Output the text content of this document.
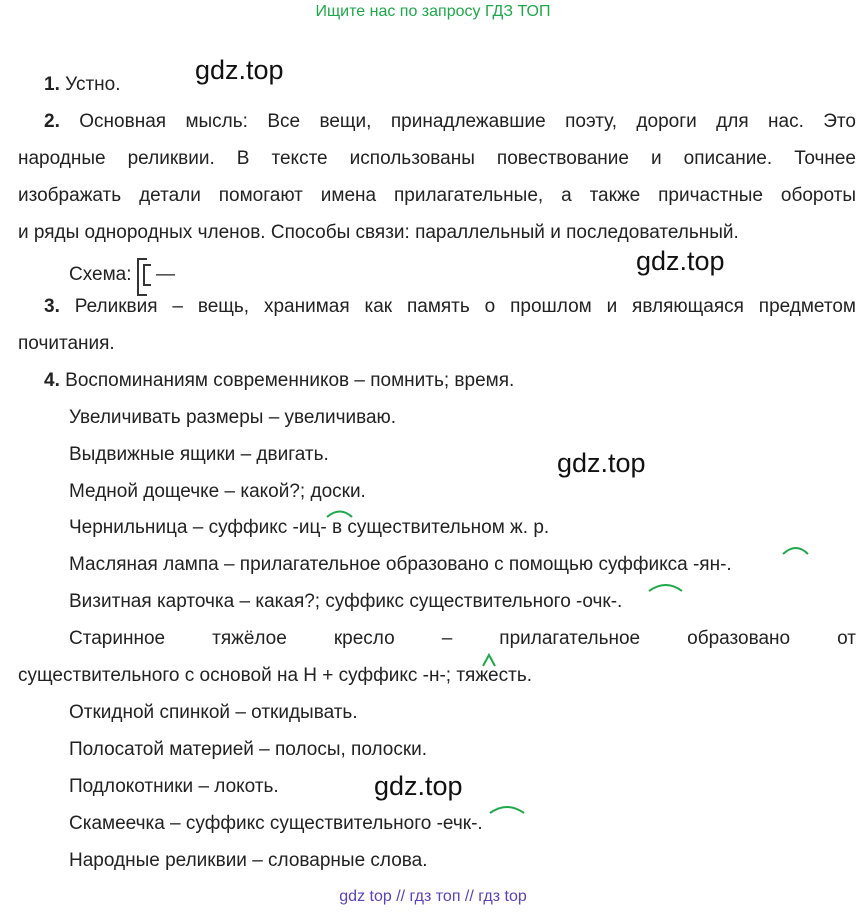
Ищите нас по запросу ГДЗ ТОП
gdz.top
gdz.top
gdz.top
gdz.top
1. Устно.
2. Основная мысль: Все вещи, принадлежавшие поэту, дороги для нас. Это
народные реликвии. В тексте использованы повествование и описание. Точнее
изображать детали помогают имена прилагательные, а также причастные обороты
и ряды однородных членов. Способы связи: параллельный и последовательный.
Схема: —
3. Реликвия – вещь, хранимая как память о прошлом и являющаяся предметом
почитания.
4. Воспоминаниям современников – помнить; время.
Увеличивать размеры – увеличиваю.
Выдвижные ящики – двигать.
Медной дощечке – какой?; доски.
Чернильница – суффикс -иц- в существительном ж. р.
Масляная лампа – прилагательное образовано с помощью суффикса -ян-.
Визитная карточка – какая?; суффикс существительного -очк-.
Старинное тяжёлое кресло – прилагательное образовано от
существительного с основой на Н + суффикс -н-; тяжесть.
Откидной спинкой – откидывать.
Полосатой материей – полосы, полоски.
Подлокотники – локоть.
Скамеечка – суффикс существительного -ечк-.
Народные реликвии – словарные слова.
gdz top // гдз топ // гдз top
